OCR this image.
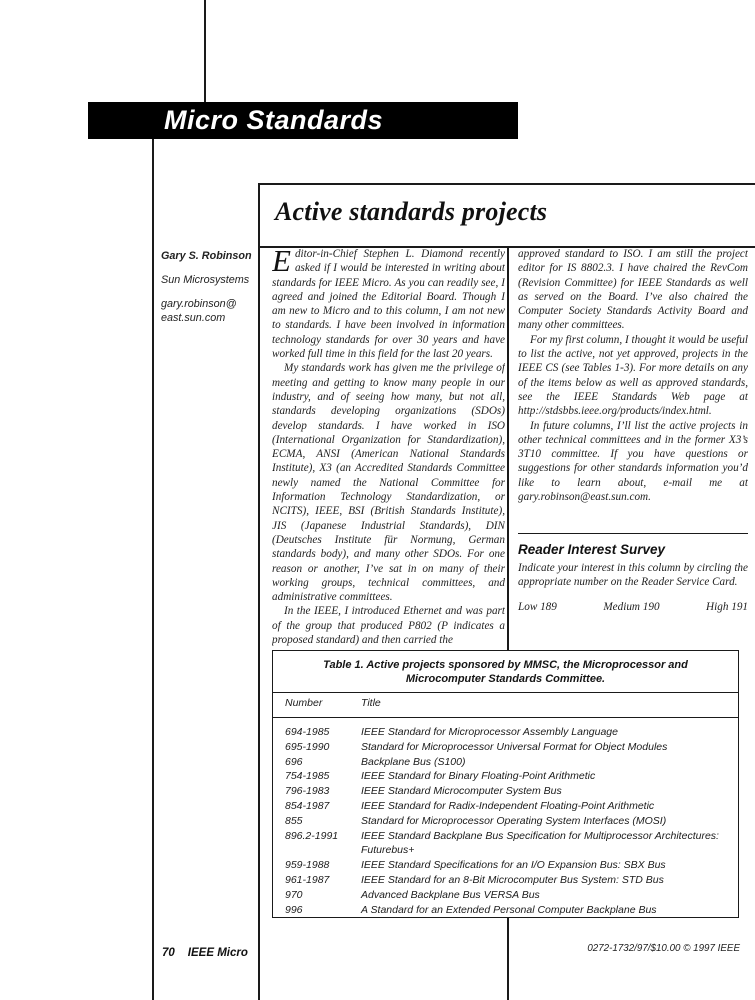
Micro Standards
Active standards projects
Gary S. Robinson
Sun Microsystems
gary.robinson@
east.sun.com

Editor-in-Chief Stephen L. Diamond recently asked if I would be interested in writing about standards for IEEE Micro. As you can readily see, I agreed and joined the Editorial Board. Though I am new to Micro and to this column, I am not new to standards. I have been involved in information technology standards for over 30 years and have worked full time in this field for the last 20 years.

My standards work has given me the privilege of meeting and getting to know many people in our industry, and of seeing how many, but not all, standards developing organizations (SDOs) develop standards. I have worked in ISO (International Organization for Standardization), ECMA, ANSI (American National Standards Institute), X3 (an Accredited Standards Committee newly named the National Committee for Information Technology Standardization, or NCITS), IEEE, BSI (British Standards Institute), JIS (Japanese Industrial Standards), DIN (Deutsches Institute für Normung, German standards body), and many other SDOs. For one reason or another, I’ve sat in on many of their working groups, technical committees, and administrative committees.

In the IEEE, I introduced Ethernet and was part of the group that produced P802 (P indicates a proposed standard) and then carried the

approved standard to ISO. I am still the project editor for IS 8802.3. I have chaired the RevCom (Revision Committee) for IEEE Standards as well as served on the Board. I’ve also chaired the Computer Society Standards Activity Board and many other committees.

For my first column, I thought it would be useful to list the active, not yet approved, projects in the IEEE CS (see Tables 1-3). For more details on any of the items below as well as approved standards, see the IEEE Standards Web page at http://stdsbbs.ieee.org/products/index.html.

In future columns, I’ll list the active projects in other technical committees and in the former X3’s 3T10 committee. If you have questions or suggestions for other standards information you’d like to learn about, e-mail me at gary.robinson@east.sun.com.

Reader Interest Survey

Indicate your interest in this column by circling the appropriate number on the Reader Service Card.

Low 189	Medium 190	High 191
Table 1. Active projects sponsored by MMSC, the Microprocessor and
Microcomputer Standards Committee.
Number	Title
694-1985	IEEE Standard for Microprocessor Assembly Language
695-1990	Standard for Microprocessor Universal Format for Object Modules
696	Backplane Bus (S100)
754-1985	IEEE Standard for Binary Floating-Point Arithmetic
796-1983	IEEE Standard Microcomputer System Bus
854-1987	IEEE Standard for Radix-Independent Floating-Point Arithmetic
855	Standard for Microprocessor Operating System Interfaces (MOSI)
896.2-1991	IEEE Standard Backplane Bus Specification for Multiprocessor Architectures:
Futurebus+
959-1988	IEEE Standard Specifications for an I/O Expansion Bus: SBX Bus
961-1987	IEEE Standard for an 8-Bit Microcomputer Bus System: STD Bus
970	Advanced Backplane Bus VERSA Bus
996	A Standard for an Extended Personal Computer Backplane Bus
70 IEEE Micro	0272-1732/97/$10.00 © 1997 IEEE
